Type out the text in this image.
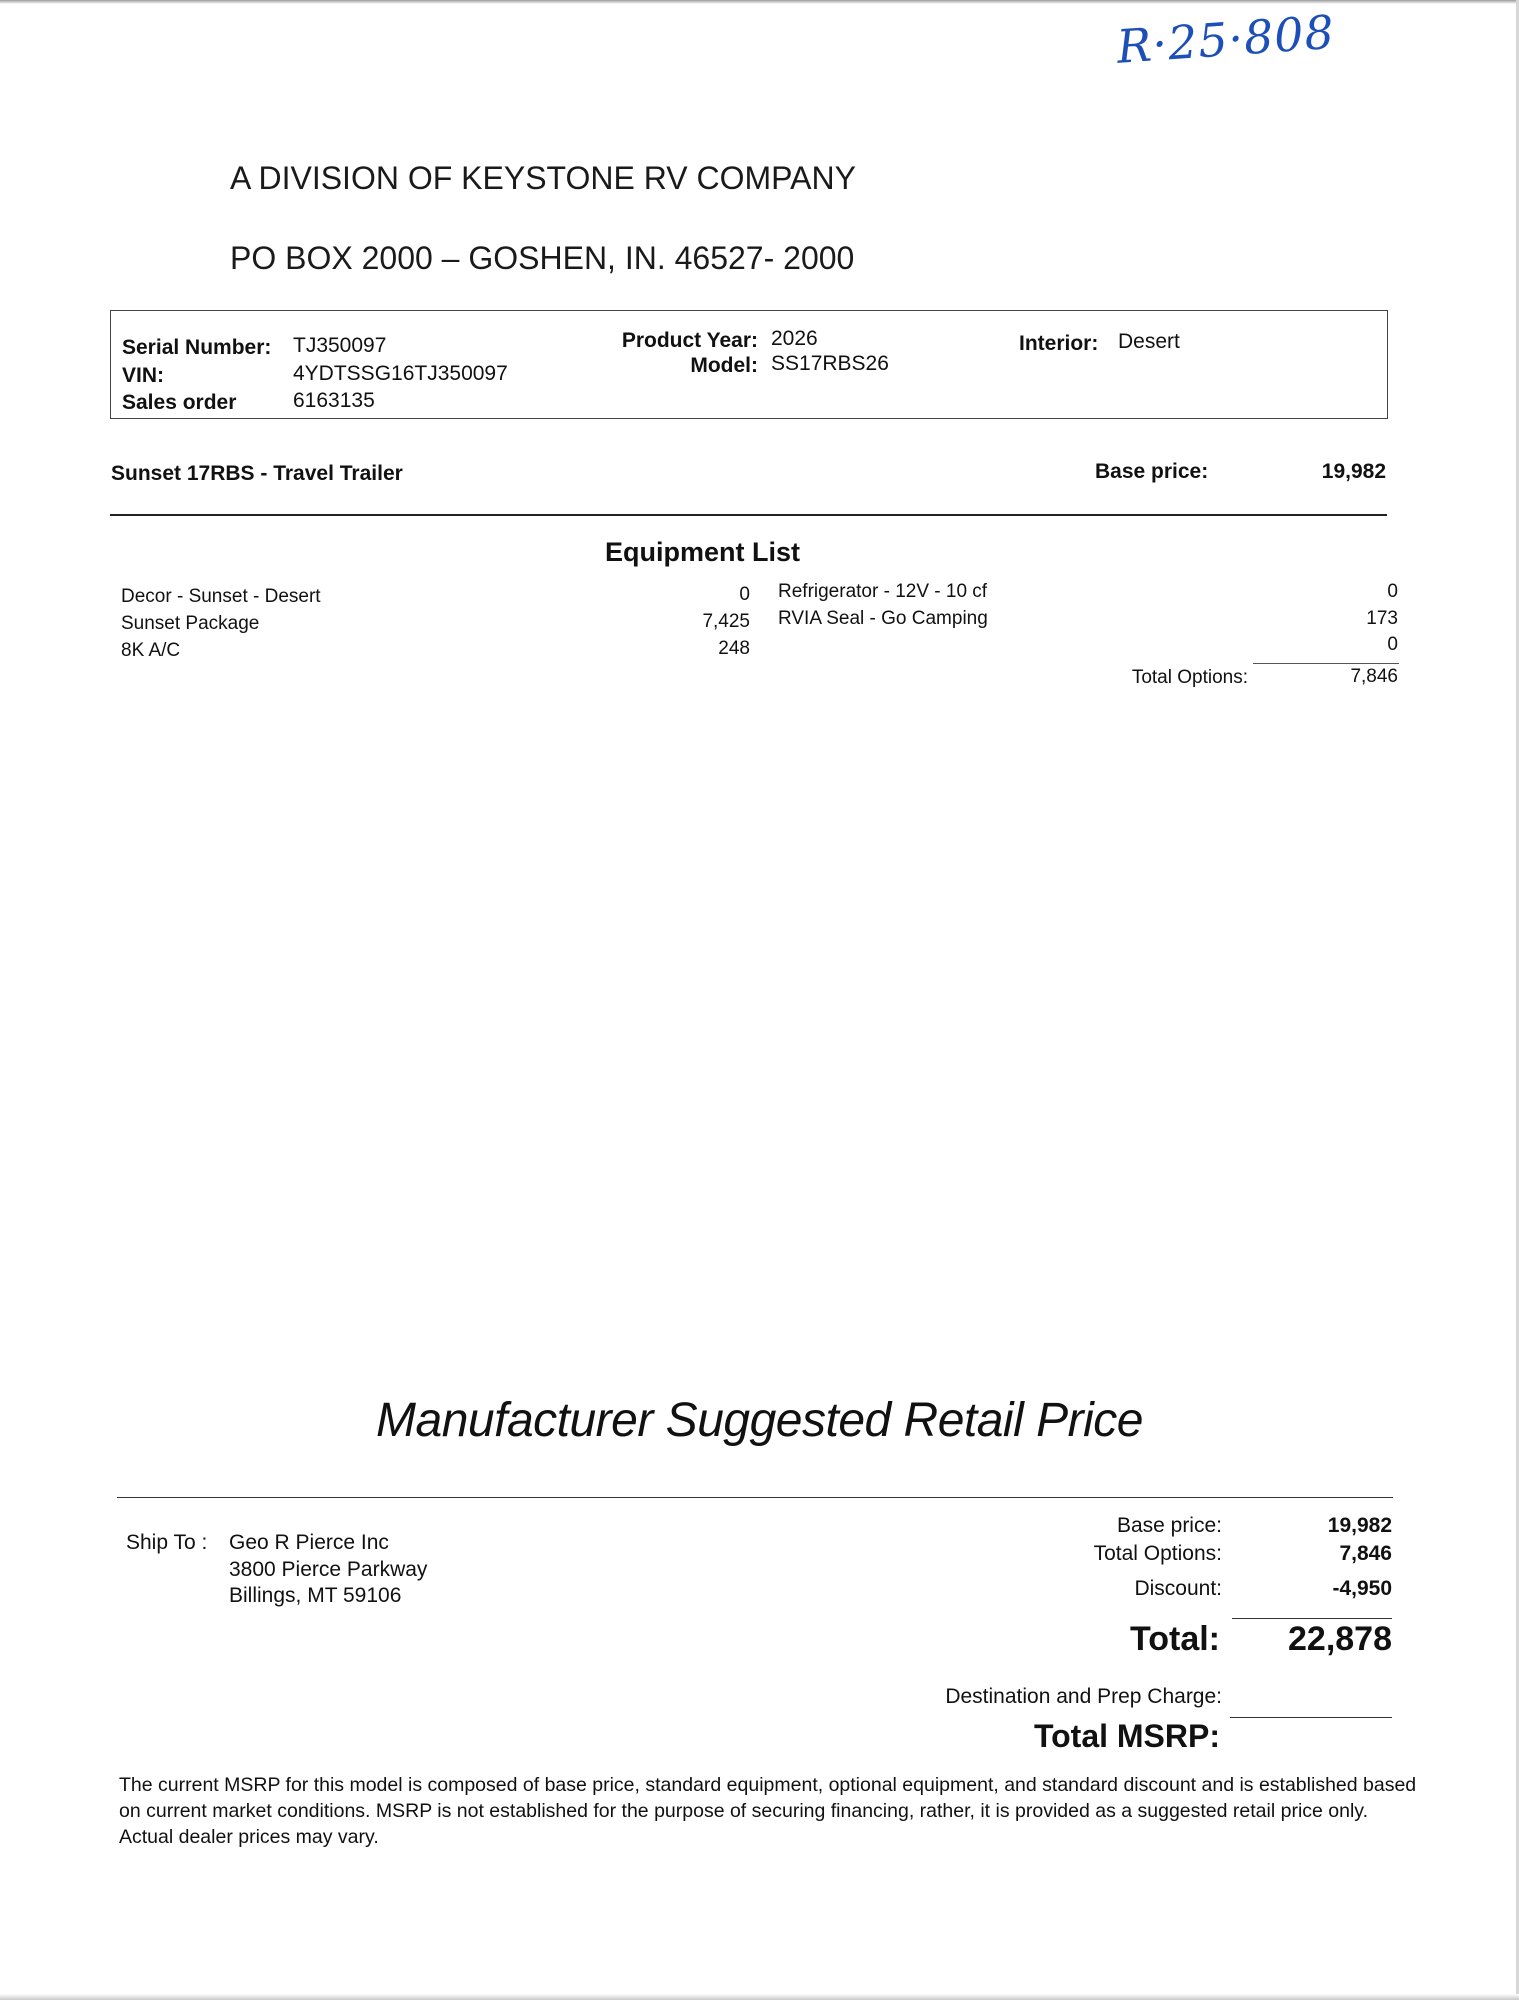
R·25·808
A DIVISION OF KEYSTONE RV COMPANY
PO BOX 2000 – GOSHEN, IN. 46527- 2000
Serial Number: TJ350097
VIN:	4YDTSSG16TJ350097
Sales order	6163135
Product Year: 2026
Model: SS17RBS26
Interior: Desert
Sunset 17RBS - Travel Trailer	Base price:	19,982
Equipment List
Decor - Sunset - Desert	0
Sunset Package	7,425
8K A/C	248
Refrigerator - 12V - 10 cf	0
RVIA Seal - Go Camping	173
0
Total Options:	7,846
Manufacturer Suggested Retail Price
Ship To : Geo R Pierce Inc
3800 Pierce Parkway
Billings, MT 59106
Base price:	19,982
Total Options:	7,846
Discount:	-4,950
Total:	22,878
Destination and Prep Charge:
Total MSRP:
The current MSRP for this model is composed of base price, standard equipment, optional equipment, and standard discount and is established based on current market conditions. MSRP is not established for the purpose of securing financing, rather, it is provided as a suggested retail price only. Actual dealer prices may vary.
